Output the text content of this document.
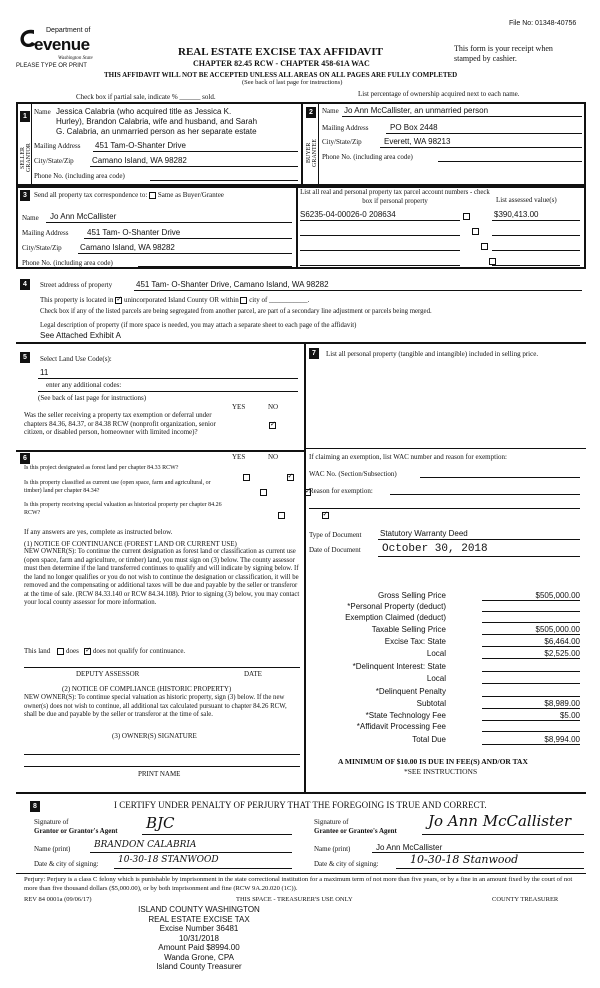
File No: 01348-40756
Department of
evenue
Washington State
PLEASE TYPE OR PRINT
REAL ESTATE EXCISE TAX AFFIDAVIT
CHAPTER 82.45 RCW - CHAPTER 458-61A WAC
This form is your receipt when stamped by cashier.
THIS AFFIDAVIT WILL NOT BE ACCEPTED UNLESS ALL AREAS ON ALL PAGES ARE FULLY COMPLETED
(See back of last page for instructions)
Check box if partial sale, indicate % ______ sold.	List percentage of ownership acquired next to each name.
1
SELLER GRANTOR
Name Jessica Calabria (who acquired title as Jessica K.
Hurley), Brandon Calabria, wife and husband, and Sarah
G. Calabria, an unmarried person as her separate estate
Mailing Address 451 Tam-O-Shanter Drive
City/State/Zip Camano Island, WA 98282
Phone No. (including area code)
2
BUYER GRANTEE
Name Jo Ann McCallister, an unmarried person
Mailing Address	PO Box 2448
City/State/Zip	Everett, WA 98213
Phone No. (including area code)
3	Send all property tax correspondence to: Same as Buyer/Grantee
Name Jo Ann McCallister
Mailing Address 451 Tam- O-Shanter Drive
City/State/Zip Camano Island, WA 98282
Phone No. (including area code)
List all real and personal property tax parcel account numbers - check box if personal property	List assessed value(s)
S6235-04-00026-0 208634	$390,413.00

4	Street address of property	451 Tam- O-Shanter Drive, Camano Island, WA 98282
This property is located in ✓ unincorporated Island County OR within city of ___________.
Check box if any of the listed parcels are being segregated from another parcel, are part of a secondary line adjustment or parcels being merged.
Legal description of property (if more space is needed, you may attach a separate sheet to each page of the affidavit)
See Attached Exhibit A
5	Select Land Use Code(s):
11
enter any additional codes:
(See back of last page for instructions)
YES	NO
Was the seller receiving a property tax exemption or deferral under chapters 84.36, 84.37, or 84.38 RCW (nonprofit organization, senior citizen, or disabled person, homeowner with limited income)?
✓
6	YES	NO
Is this project designated as forest land per chapter 84.33 RCW?
✓
Is this property classified as current use (open space, farm and agricultural, or timber) land per chapter 84.34?
✓
Is this property receiving special valuation as historical property per chapter 84.26 RCW?
✓
If any answers are yes, complete as instructed below.
(1) NOTICE OF CONTINUANCE (FOREST LAND OR CURRENT USE)
NEW OWNER(S): To continue the current designation as forest land or classification as current use (open space, farm and agriculture, or timber) land, you must sign on (3) below. The county assessor must then determine if the land transferred continues to qualify and will indicate by signing below. If the land no longer qualifies or you do not wish to continue the designation or classification, it will be removed and the compensating or additional taxes will be due and payable by the seller or transferor at the time of sale. (RCW 84.33.140 or RCW 84.34.108). Prior to signing (3) below, you may contact your local county assessor for more information.
This land does ✓ does not qualify for continuance.
DEPUTY ASSESSOR	DATE
(2) NOTICE OF COMPLIANCE (HISTORIC PROPERTY)
NEW OWNER(S): To continue special valuation as historic property, sign (3) below. If the new owner(s) does not wish to continue, all additional tax calculated pursuant to chapter 84.26 RCW, shall be due and payable by the seller or transferor at the time of sale.
(3) OWNER(S) SIGNATURE
PRINT NAME
7	List all personal property (tangible and intangible) included in selling price.
If claiming an exemption, list WAC number and reason for exemption:
WAC No. (Section/Subsection)
Reason for exemption:
Type of Document Statutory Warranty Deed
Date of Document October 30, 2018
Gross Selling Price	$505,000.00
*Personal Property (deduct)
Exemption Claimed (deduct)
Taxable Selling Price	$505,000.00
Excise Tax: State	$6,464.00
Local	$2,525.00
*Delinquent Interest: State
Local
*Delinquent Penalty
Subtotal	$8,989.00
*State Technology Fee	$5.00
*Affidavit Processing Fee
Total Due	$8,994.00
A MINIMUM OF $10.00 IS DUE IN FEE(S) AND/OR TAX
*SEE INSTRUCTIONS
8	I CERTIFY UNDER PENALTY OF PERJURY THAT THE FOREGOING IS TRUE AND CORRECT.
Signature of
Grantor or Grantor's Agent BJC
Name (print)	BRANDON CALABRIA
Date & city of signing: 10-30-18 STANWOOD
Signature of
Grantee or Grantee's Agent
Jo Ann McCallister
Name (print)	Jo Ann McCallister
Date & city of signing:	10-30-18 Stanwood
Perjury: Perjury is a class C felony which is punishable by imprisonment in the state correctional institution for a maximum term of not more than five years, or by a fine in an amount fixed by the court of not more than five thousand dollars ($5,000.00), or by both imprisonment and fine (RCW 9A.20.020 (1C)).
REV 84 0001a (09/06/17)	THIS SPACE - TREASURER'S USE ONLY	COUNTY TREASURER
ISLAND COUNTY WASHINGTON
REAL ESTATE EXCISE TAX
Excise Number 36481
10/31/2018
Amount Paid $8994.00
Wanda Grone, CPA
Island County Treasurer
